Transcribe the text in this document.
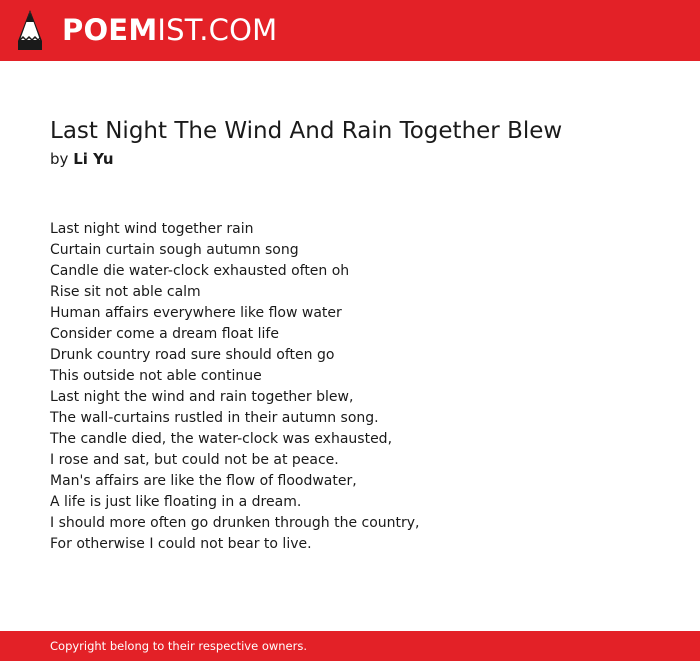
POEMIST.COM
Last Night The Wind And Rain Together Blew
by Li Yu
Last night wind together rain
Curtain curtain sough autumn song
Candle die water-clock exhausted often oh
Rise sit not able calm
Human affairs everywhere like flow water
Consider come a dream float life
Drunk country road sure should often go
This outside not able continue
Last night the wind and rain together blew,
The wall-curtains rustled in their autumn song.
The candle died, the water-clock was exhausted,
I rose and sat, but could not be at peace.
Man's affairs are like the flow of floodwater,
A life is just like floating in a dream.
I should more often go drunken through the country,
For otherwise I could not bear to live.
Copyright belong to their respective owners.
